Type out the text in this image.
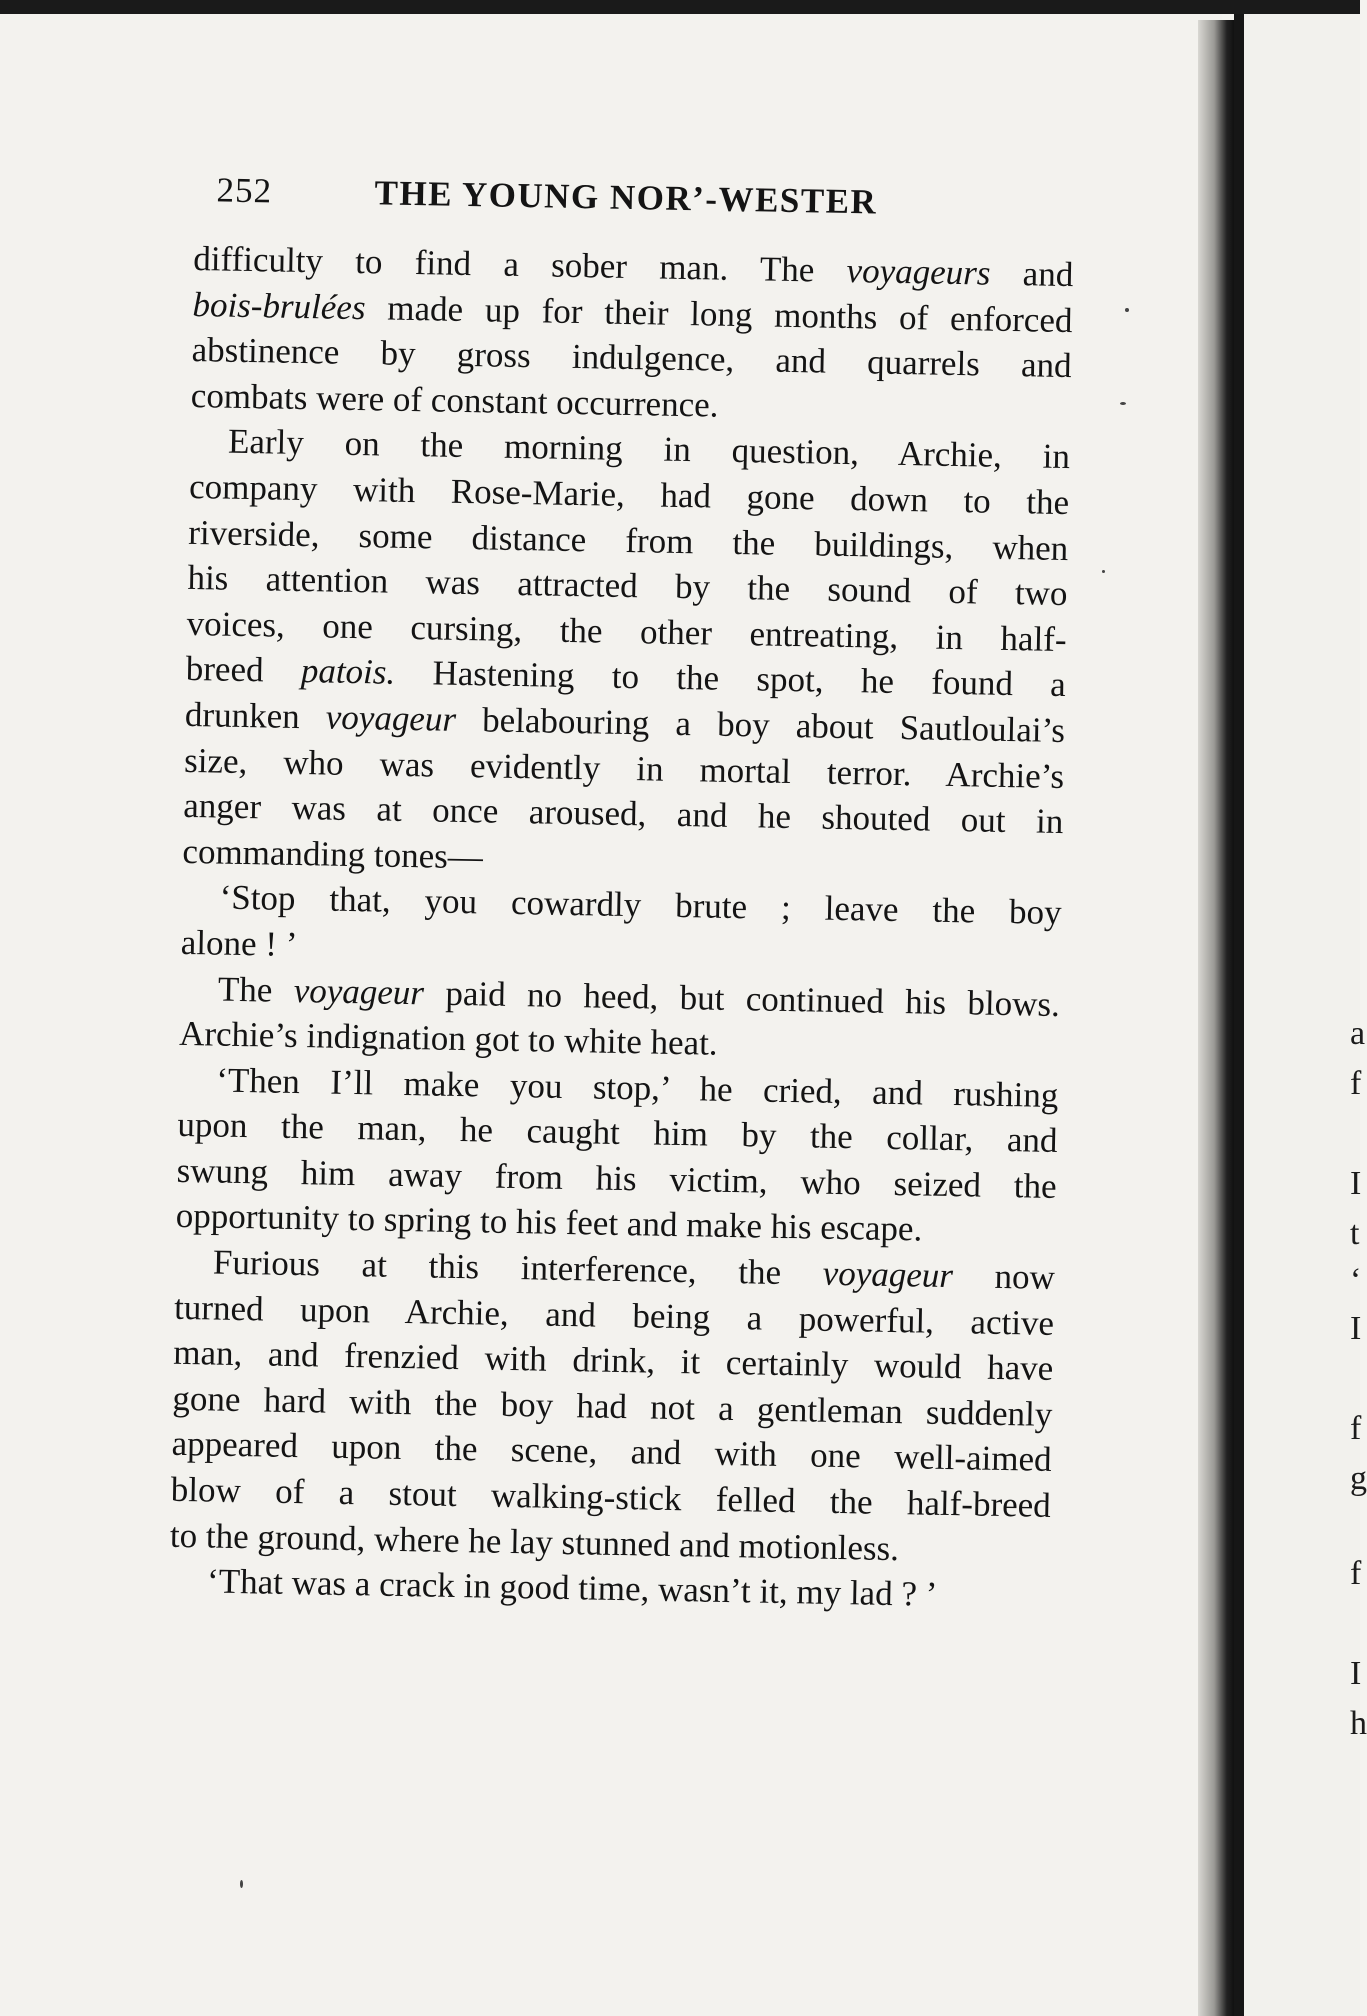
a
f
I
t
‘
I
f
g
f
I
h
252	THE YOUNG NOR’-WESTER
difficulty to find a sober man. The voyageurs and
bois-brulées made up for their long months of enforced
abstinence by gross indulgence, and quarrels and
combats were of constant occurrence.
Early on the morning in question, Archie, in
company with Rose-Marie, had gone down to the
riverside, some distance from the buildings, when
his attention was attracted by the sound of two
voices, one cursing, the other entreating, in half-
breed patois. Hastening to the spot, he found a
drunken voyageur belabouring a boy about Sautloulai’s
size, who was evidently in mortal terror. Archie’s
anger was at once aroused, and he shouted out in
commanding tones—
‘Stop that, you cowardly brute ; leave the boy
alone ! ’
The voyageur paid no heed, but continued his blows.
Archie’s indignation got to white heat.
‘Then I’ll make you stop,’ he cried, and rushing
upon the man, he caught him by the collar, and
swung him away from his victim, who seized the
opportunity to spring to his feet and make his escape.
Furious at this interference, the voyageur now
turned upon Archie, and being a powerful, active
man, and frenzied with drink, it certainly would have
gone hard with the boy had not a gentleman suddenly
appeared upon the scene, and with one well-aimed
blow of a stout walking-stick felled the half-breed
to the ground, where he lay stunned and motionless.
‘That was a crack in good time, wasn’t it, my lad ? ’
